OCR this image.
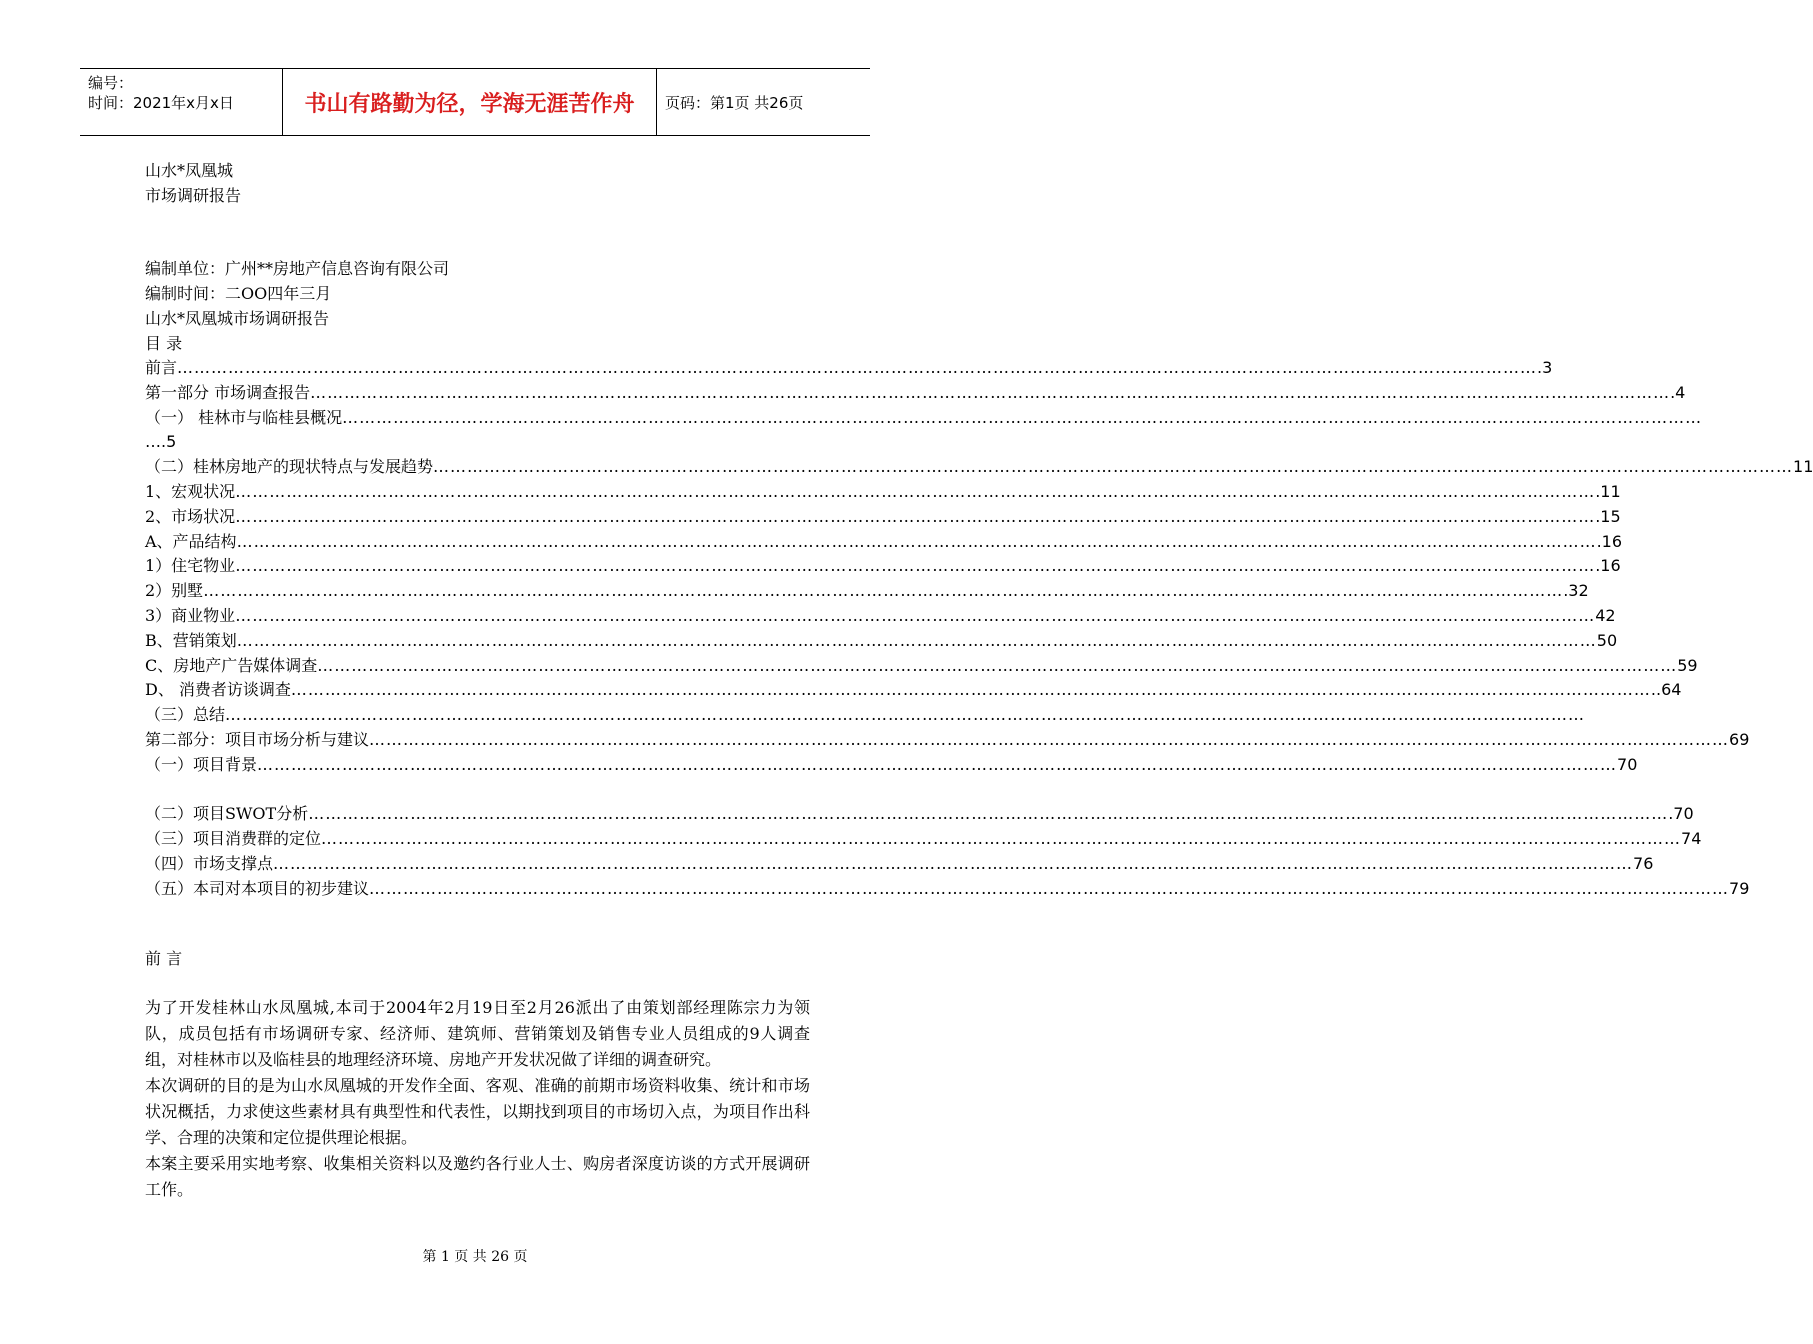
编号：
时间：2021年x月x日	书山有路勤为径，学海无涯苦作舟	页码：第1页 共26页
山水*凤凰城
市场调研报告
编制单位：广州**房地产信息咨询有限公司
编制时间：二OO四年三月
山水*凤凰城市场调研报告
目 录
前言 …………………………………………………………………………………………………………………………………………………………………………………………………………………… .3
第一部分 市场调查报告 …………………………………………………………………………………………………………………………………………………………………………………………………………………… .4
（一） 桂林市与临桂县概况 ……………………………………………………………………………………………………………………………………………………………………………………………………………………
….5
（二）桂林房地产的现状特点与发展趋势 …………………………………………………………………………………………………………………………………………………………………………………………………………………… 11
1、宏观状况 …………………………………………………………………………………………………………………………………………………………………………………………………………………… .11
2、市场状况 …………………………………………………………………………………………………………………………………………………………………………………………………………………… .15
A、产品结构 …………………………………………………………………………………………………………………………………………………………………………………………………………………… .16
1）住宅物业 …………………………………………………………………………………………………………………………………………………………………………………………………………………… .16
2）别墅 …………………………………………………………………………………………………………………………………………………………………………………………………………………… .32
3）商业物业 …………………………………………………………………………………………………………………………………………………………………………………………………………………… 42
B、营销策划 …………………………………………………………………………………………………………………………………………………………………………………………………………………… 50
C、房地产广告媒体调查 …………………………………………………………………………………………………………………………………………………………………………………………………………………… 59
D、 消费者访谈调查 …………………………………………………………………………………………………………………………………………………………………………………………………………………… ..64
（三）总结 ……………………………………………………………………………………………………………………………………………………………………………………………………………………
第二部分：项目市场分析与建议 …………………………………………………………………………………………………………………………………………………………………………………………………………………… 69
（一）项目背景 …………………………………………………………………………………………………………………………………………………………………………………………………………………… 70
（二）项目SWOT分析 …………………………………………………………………………………………………………………………………………………………………………………………………………………… .70
（三）项目消费群的定位 …………………………………………………………………………………………………………………………………………………………………………………………………………………… 74
（四）市场支撑点 …………………………………………………………………………………………………………………………………………………………………………………………………………………… 76
（五）本司对本项目的初步建议 …………………………………………………………………………………………………………………………………………………………………………………………………………………… 79
前 言

为了开发桂林山水凤凰城,本司于2004年2月19日至2月26派出了由策划部经理陈宗力为领队，成员包括有市场调研专家、经济师、建筑师、营销策划及销售专业人员组成的9人调查组，对桂林市以及临桂县的地理经济环境、房地产开发状况做了详细的调查研究。

本次调研的目的是为山水凤凰城的开发作全面、客观、准确的前期市场资料收集、统计和市场状况概括，力求使这些素材具有典型性和代表性，以期找到项目的市场切入点，为项目作出科学、合理的决策和定位提供理论根据。

本案主要采用实地考察、收集相关资料以及邀约各行业人士、购房者深度访谈的方式开展调研工作。

第 1 页 共 26 页
